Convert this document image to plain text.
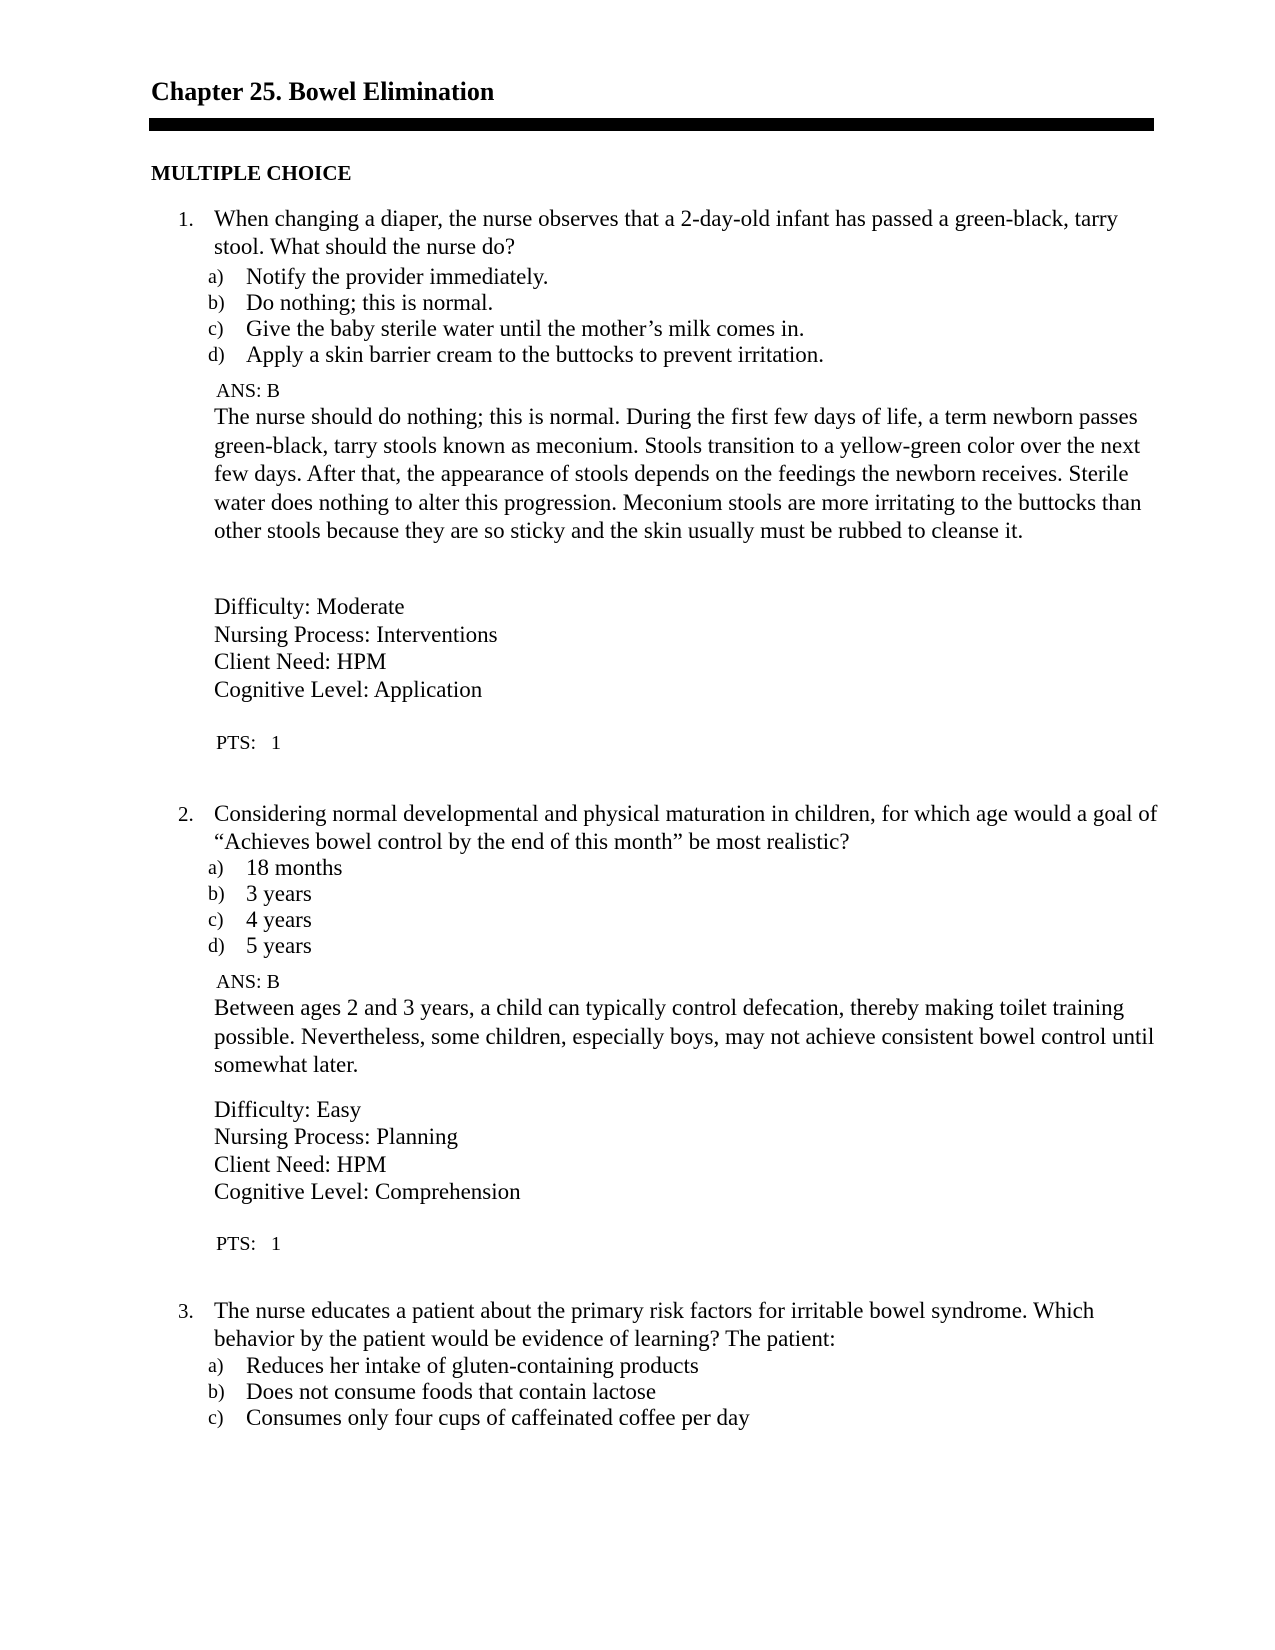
Chapter 25. Bowel Elimination
MULTIPLE CHOICE
1. When changing a diaper, the nurse observes that a 2-day-old infant has passed a green-black, tarry stool. What should the nurse do?
a) Notify the provider immediately.
b) Do nothing; this is normal.
c) Give the baby sterile water until the mother’s milk comes in.
d) Apply a skin barrier cream to the buttocks to prevent irritation.
ANS: B
The nurse should do nothing; this is normal. During the first few days of life, a term newborn passes green-black, tarry stools known as meconium. Stools transition to a yellow-green color over the next few days. After that, the appearance of stools depends on the feedings the newborn receives. Sterile water does nothing to alter this progression. Meconium stools are more irritating to the buttocks than other stools because they are so sticky and the skin usually must be rubbed to cleanse it.
Difficulty: Moderate
Nursing Process: Interventions
Client Need: HPM
Cognitive Level: Application
PTS:   1
2. Considering normal developmental and physical maturation in children, for which age would a goal of “Achieves bowel control by the end of this month” be most realistic?
a) 18 months
b) 3 years
c) 4 years
d) 5 years
ANS: B
Between ages 2 and 3 years, a child can typically control defecation, thereby making toilet training possible. Nevertheless, some children, especially boys, may not achieve consistent bowel control until somewhat later.
Difficulty: Easy
Nursing Process: Planning
Client Need: HPM
Cognitive Level: Comprehension
PTS:   1
3. The nurse educates a patient about the primary risk factors for irritable bowel syndrome. Which behavior by the patient would be evidence of learning? The patient:
a) Reduces her intake of gluten-containing products
b) Does not consume foods that contain lactose
c) Consumes only four cups of caffeinated coffee per day
